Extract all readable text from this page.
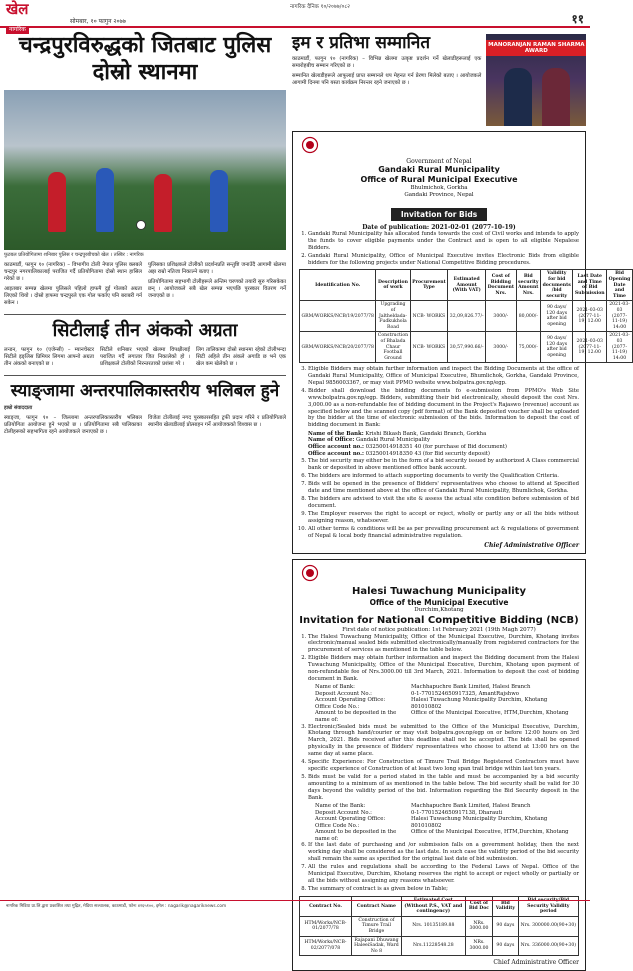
खेल
नागरिक
सोमबार, १० फागुन २०७७
नागरिक दैनिक १०/२०७७/०८२
११
चन्द्रपुरविरुद्धको जितबाट पुलिस दोस्रो स्थानमा
फुटबल प्रतियोगितामा शनिबार पुलिस र चन्द्रपुरबीचको खेल । तस्बिर : नागरिक

काठमाडौं, फागुन १० (नागरिक) – विभागीय टोली नेपाल पुलिस क्लबले चन्द्रपुर नगरपालिकालाई पराजित गर्दै प्रतियोगितामा दोस्रो स्थान हासिल गरेको छ ।

आइतबार सम्पन्न खेलमा पुलिसले पहिलो हाफमै दुई गोलको अग्रता लिएको थियो । दोस्रो हाफमा चन्द्रपुरले एक गोल फर्काए पनि बराबरी गर्न सकेन ।

पुलिसका प्रशिक्षकले टोलीको प्रदर्शनप्रति सन्तुष्टि जनाउँदै आगामी खेलमा अझ राम्रो नतिजा निकाल्ने बताए ।

प्रतियोगितामा सहभागी टोलीहरूले अन्तिम चरणको तयारी सुरु गरिसकेका छन् । आयोजकले सबै खेल सम्पन्न भएपछि पुरस्कार वितरण गर्ने जनाएको छ ।

सिटीलाई तीन अंकको अग्रता

लन्डन, फागुन १० (एजेन्सी) – म्यानचेस्टर सिटीले इङ्लिस प्रिमियर लिगमा आफ्नो अग्रता तीन अंकको बनाएको छ ।

सिटीले शनिबार भएको खेलमा विपक्षीलाई पराजित गर्दै लगातार जित निकालेको हो । प्रशिक्षकले टोलीको निरन्तरताको प्रशंसा गरे ।

लिग तालिकामा दोस्रो स्थानमा रहेको टोलीभन्दा सिटी अहिले तीन अंकले अगाडि छ भने एक खेल कम खेलेको छ ।

स्याङ्जामा अन्तरपालिकास्तरीय भलिबल हुने
हाम्रो संवाददाता

स्याङ्जा, फागुन १० – जिल्लामा अन्तरपालिकास्तरीय भलिबल प्रतियोगिता आयोजना हुने भएको छ । प्रतियोगितामा सबै पालिकाका टोलीहरूको सहभागिता रहने आयोजकले जनाएको छ ।

विजेता टोलीलाई नगद पुरस्कारसहित ट्रफी प्रदान गरिने र प्रतियोगिताले स्थानीय खेलाडीलाई प्रोत्साहन गर्ने आयोजकको विश्वास छ ।

इम र प्रतिभा सम्मानित

काठमाडौं, फागुन १० (नागरिक) – विभिन्न खेलमा उत्कृष्ट प्रदर्शन गर्ने खेलाडीहरूलाई एक समारोहबीच सम्मान गरिएको छ ।

सम्मानित खेलाडीहरूले आफूलाई प्राप्त सम्मानले थप मेहनत गर्न प्रेरणा मिलेको बताए । आयोजकले आगामी दिनमा पनि यस्ता कार्यक्रम निरन्तर रहने जनाएको छ ।

MANORANJAN RAMAN SHARMA AWARD
Government of Nepal
Gandaki Rural Municipality
Office of Rural Municipal Executive
Bhulmichok, Gorkha
Gandaki Province, Nepal
Invitation for Bids
Date of publication: 2021-02-01 (2077-10-19)
1. Gandaki Rural Municipality has allocated funds towards the cost of Civil works and intends to apply the funds to cover eligible payments under the Contract and is open to all eligible Nepalese Bidders.
2. Gandaki Rural Municipality, Office of Municipal Executive invites Electronic Bids from eligible bidders for the following projects under National Competitive Bidding procedures.
Identification No.	Description of work	Procurement Type	Estimated Amount (With VAT)	Cost of Bidding Document Nrs.	Bid security Amount Nrs.	Validity for bid documents /bid security	Last Date and Time of Bid Submission	Bid Opening Date and Time
GRM/WORKS/NCB/19/2077/78	Upgrading of Jaltheldada-Fudkukhola Road	NCB- WORKS	32,09,826.77/-	3000/-	80,000/-	90 days/ 120 days after bid opening	2021-03-03 (2077-11-19) 12:00	2021-03-03 (2077-11-19) 14:00
GRM/WORKS/NCB/20/2077/78	Construction of Bhalada Chaur Football Ground	NCB- WORKS	30,57,990.66/-	3000/-	75,000/-	90 days/ 120 days after bid opening	2021-03-03 (2077-11-19) 12:00	2021-03-03 (2077-11-19) 14:00
3. Eligible Bidders may obtain further information and inspect the Bidding Documents at the office of Gandaki Rural Municipality, Office of Municipal Executive, Bhumlichok, Gorkha, Gandaki Province, Nepal 9856003367, or may visit PPMO website www.bolpatra.gov.np/egp.
4. Bidder shall download the bidding documents fo e-submission from PPMO's Web Site www.bolpatra.gov.np/egp. Bidders, submitting their bid electronically, should deposit the cost Nrs. 3,000.00 as a non-refundable fee of bidding document in the Project's Rajaswo (revenue) account as specified below and the scanned copy (pdf format) of the Bank deposited voucher shall be uploaded by the bidder at the time of electronic submission of the bids. Information to deposit the cost of bidding document in Bank:
Name of the Bank: Krishi Bikash Bank, Gandaki Branch, Gorkha
Name of Office: Gandaki Rural Municipality
Office account no.: 03250014918351 40 (for purchase of Bid document)
Office account no.: 03250014918350 43 (for Bid security deposit)
5. The bid security may either be in the form of a bid security issued by authorized A Class commercial bank or deposited in above mentioned office bank account.
6. The bidders are informed to attach supporting documents to verify the Qualification Criteria.
7. Bids will be opened in the presence of Bidders' representatives who choose to attend at Specified date and time mentioned above at the office of Gandaki Rural Municipality, Bhumlichok, Gorkha.
8. The bidders are advised to visit the site & assess the actual site condition before submission of bid document.
9. The Employer reserves the right to accept or reject, wholly or partly any or all the bids without assigning reason, whatsoever.
10. All other terms & conditions will be as per prevailing procurement act & regulations of government of Nepal & local body financial administrative regulation.
Chief Administrative Officer
Halesi Tuwachung Municipality
Office of the Municipal Executive
Durchim,Khotang
Invitation for National Competitive Bidding (NCB)
First date of notice publication: 1st February 2021 (19th Magh 2077)
1. The Halesi Tuwachung Municipality, Office of the Municipal Executive, Durchim, Khotang invites electronic/manual sealed bids submitted electronically/manually from registered contractors for the procurement of services as mentioned in the table below.
2. Eligible Bidders may obtain further information and inspect the Bidding document from the Halesi Tuwachung Municipality, Office of the Municipal Executive, Durchim, Khotang upon payment of non-refundable fee of Nrs.3000.00 till 3rd March, 2021. Information to deposit the cost of bidding document in Bank.
Name of Bank:	Machhapuchre Bank Limited, Halesi Branch
Deposit Account No.:	0-1-7701524650917325, AmantRajshwo
Account Operating Office:	Halesi Tuwachung Municipality Durchim, Khotang
Office Code No.:	801010802
Amount to be deposited in the name of:
Office of the Municipal Executive, HTM,Durchim, Khotang
3. Electronic/Sealed bids must be submitted to the Office of the Municipal Executive, Durchim, Khotang through hand/courier or may visit bolpatra.gov.np/egp on or before 12:00 hours on 3rd March, 2021. Bids received after this deadline shall not be accepted. The bids shall be opened physically in the presence of Bidders' representatives who choose to attend at 13:00 hrs on the same day at same place.
4. Specific Experience: For Construction of Timure Trail Bridge Registered Contractors must have specific experience of Construction of at least two long span trail bridge within last ten years.
5. Bids must be valid for a period stated in the table and must be accompanied by a bid security amounting to a minimum of as mentioned in the table below. The bid security shall be valid for 30 days beyond the validity period of the bid. Information regarding the Bid Security deposit in the Bank.
Name of the Bank:	Machhapuchre Bank Limited, Halesi Branch
Deposit Account No.:	0-1-7701524650917138, Dharauti
Account Operating Office:	Halesi Tuwachung Municipality Durchim, Khotang
Office Code No.:	801010802
Amount to be deposited in the name of:
Office of the Municipal Executive, HTM,Durchim, Khotang
6. If the last date of purchasing and /or submission falls on a government holiday, then the next working day shall be considered as the last date. In such case the validity period of the bid security shall remain the same as specified for the original last date of bid submission.
7. All the rules and regulations shall be according to the Federal Laws of Nepal. Office of the Municipal Executive, Durchim, Khotang reserves the right to accept or reject wholly or partially or all the bids without assigning any reasons whatsoever.
8. The summary of contract is as given below in Table;
Contract No.	Contract Name	Estimated Cost (Without P.S., VAT and contingency)	Cost of Bid Doc	Bid Validity	Bid security/Bid Security Validity period
HTM/Works/NCB-01/2077/78	Construction of Timure Trail Bridge	Nrs. 10135189.88	NRs. 3000.00	90 days	Nrs. 300000.00(90+30)
HTM/Works/NCB-02/2077/078	Rajapani Dhuwang HaleeiSadak, Ward No 8	Nrs.11228548.28	NRs. 3000.00	90 days	Nrs. 336000.00(90+30)
Chief Administrative Officer
नागरिक मिडिया प्रा.लि.द्वारा प्रकाशित तथा मुद्रित, मेडिया सञ्चालक, काठमाडौं, फोनः ४२६५१००, इमेल : nagarik@nagariknews.com
